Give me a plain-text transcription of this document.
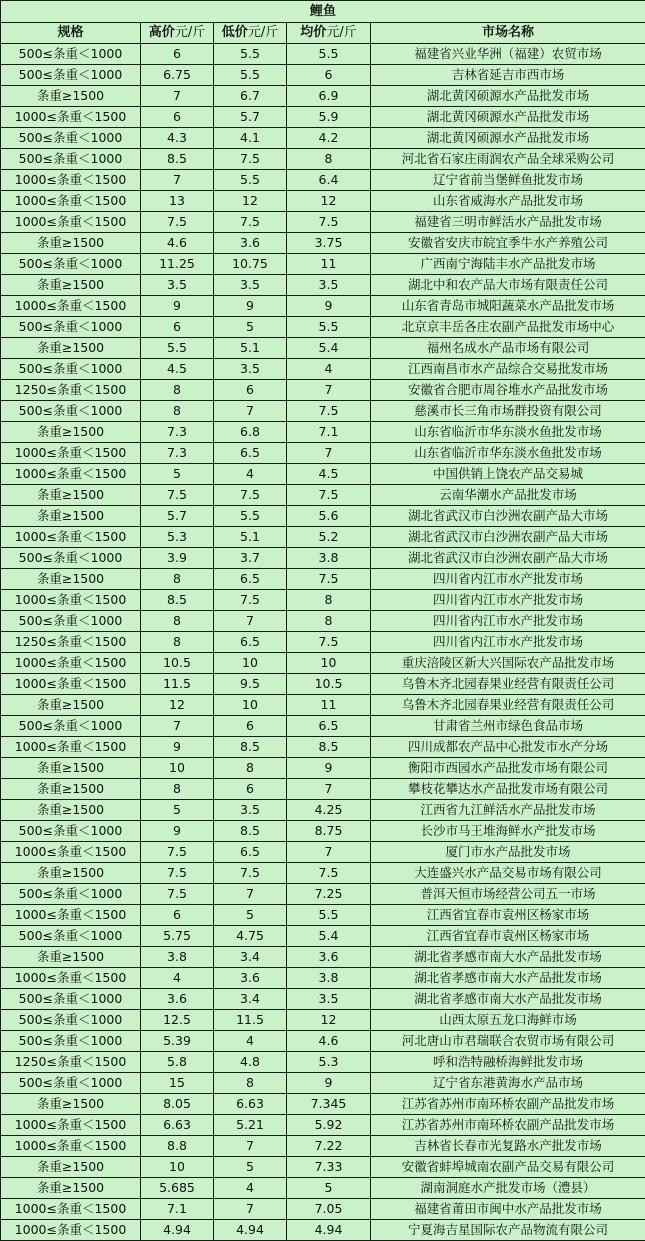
鲤鱼				
规格	高价元/斤	低价元/斤	均价元/斤	市场名称
500≤条重＜1000	6	5.5	5.5	福建省兴业华洲（福建）农贸市场
500≤条重＜1000	6.75	5.5	6	吉林省延吉市西市场
条重≥1500	7	6.7	6.9	湖北黄冈硕源水产品批发市场
1000≤条重＜1500	6	5.7	5.9	湖北黄冈硕源水产品批发市场
500≤条重＜1000	4.3	4.1	4.2	湖北黄冈硕源水产品批发市场
500≤条重＜1000	8.5	7.5	8	河北省石家庄雨润农产品全球采购公司
1000≤条重＜1500	7	5.5	6.4	辽宁省前当堡鲜鱼批发市场
1000≤条重＜1500	13	12	12	山东省威海水产品批发市场
1000≤条重＜1500	7.5	7.5	7.5	福建省三明市鲜活水产品批发市场
条重≥1500	4.6	3.6	3.75	安徽省安庆市皖宜季牛水产养殖公司
500≤条重＜1000	11.25	10.75	11	广西南宁海陆丰水产品批发市场
条重≥1500	3.5	3.5	3.5	湖北中和农产品大市场有限责任公司
1000≤条重＜1500	9	9	9	山东省青岛市城阳蔬菜水产品批发市场
500≤条重＜1000	6	5	5.5	北京京丰岳各庄农副产品批发市场中心
条重≥1500	5.5	5.1	5.4	福州名成水产品市场有限公司
500≤条重＜1000	4.5	3.5	4	江西南昌市水产品综合交易批发市场
1250≤条重＜1500	8	6	7	安徽省合肥市周谷堆水产品批发市场
500≤条重＜1000	8	7	7.5	慈溪市长三角市场群投资有限公司
条重≥1500	7.3	6.8	7.1	山东省临沂市华东淡水鱼批发市场
1000≤条重＜1500	7.3	6.5	7	山东省临沂市华东淡水鱼批发市场
1000≤条重＜1500	5	4	4.5	中国供销上饶农产品交易城
条重≥1500	7.5	7.5	7.5	云南华潮水产品批发市场
条重≥1500	5.7	5.5	5.6	湖北省武汉市白沙洲农副产品大市场
1000≤条重＜1500	5.3	5.1	5.2	湖北省武汉市白沙洲农副产品大市场
500≤条重＜1000	3.9	3.7	3.8	湖北省武汉市白沙洲农副产品大市场
条重≥1500	8	6.5	7.5	四川省内江市水产批发市场
1000≤条重＜1500	8.5	7.5	8	四川省内江市水产批发市场
500≤条重＜1000	8	7	8	四川省内江市水产批发市场
1250≤条重＜1500	8	6.5	7.5	四川省内江市水产批发市场
1000≤条重＜1500	10.5	10	10	重庆涪陵区新大兴国际农产品批发市场
1000≤条重＜1500	11.5	9.5	10.5	乌鲁木齐北园春果业经营有限责任公司
条重≥1500	12	10	11	乌鲁木齐北园春果业经营有限责任公司
500≤条重＜1000	7	6	6.5	甘肃省兰州市绿色食品市场
1000≤条重＜1500	9	8.5	8.5	四川成都农产品中心批发市水产分场
条重≥1500	10	8	9	衡阳市西园水产品批发市场有限公司
条重≥1500	8	6	7	攀枝花攀达水产品批发市场有限公司
条重≥1500	5	3.5	4.25	江西省九江鲜活水产品批发市场
500≤条重＜1000	9	8.5	8.75	长沙市马王堆海鲜水产批发市场
1000≤条重＜1500	7.5	6.5	7	厦门市水产品批发市场
条重≥1500	7.5	7.5	7.5	大连盛兴水产品交易市场有限公司
500≤条重＜1000	7.5	7	7.25	普洱天恒市场经营公司五一市场
1000≤条重＜1500	6	5	5.5	江西省宜春市袁州区杨家市场
500≤条重＜1000	5.75	4.75	5.4	江西省宜春市袁州区杨家市场
条重≥1500	3.8	3.4	3.6	湖北省孝感市南大水产品批发市场
1000≤条重＜1500	4	3.6	3.8	湖北省孝感市南大水产品批发市场
500≤条重＜1000	3.6	3.4	3.5	湖北省孝感市南大水产品批发市场
500≤条重＜1000	12.5	11.5	12	山西太原五龙口海鲜市场
500≤条重＜1000	5.39	4	4.6	河北唐山市君瑞联合农贸市场有限公司
1250≤条重＜1500	5.8	4.8	5.3	呼和浩特融桥海鲜批发市场
500≤条重＜1000	15	8	9	辽宁省东港黄海水产品市场
条重≥1500	8.05	6.63	7.345	江苏省苏州市南环桥农副产品批发市场
1000≤条重＜1500	6.63	5.21	5.92	江苏省苏州市南环桥农副产品批发市场
1000≤条重＜1500	8.8	7	7.22	吉林省长春市光复路水产批发市场
条重≥1500	10	5	7.33	安徽省蚌埠城南农副产品交易有限公司
条重≥1500	5.685	4	5	湖南洞庭水产批发市场（澧县）
1000≤条重＜1500	7.1	7	7.05	福建省莆田市闽中水产品批发市场
1000≤条重＜1500	4.94	4.94	4.94	宁夏海吉星国际农产品物流有限公司
